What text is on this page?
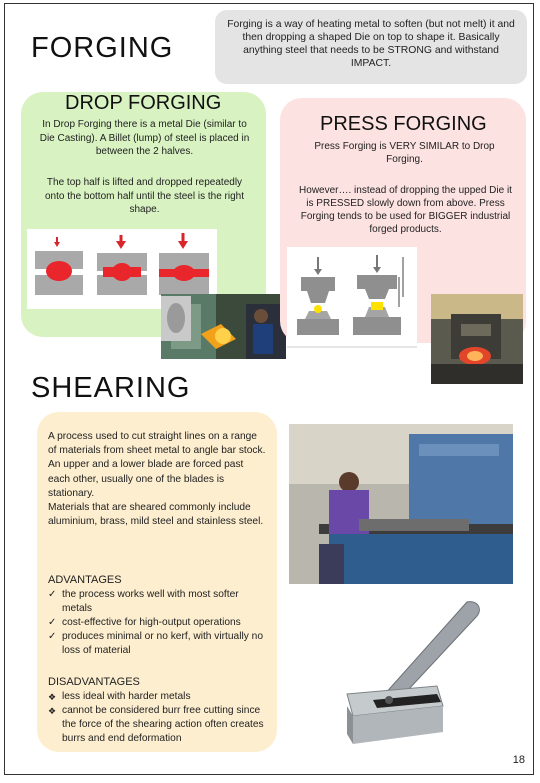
FORGING
Forging is a way of heating metal to soften (but not melt) it and then dropping a shaped Die on top to shape it. Basically anything steel that needs to be STRONG and withstand IMPACT.
DROP FORGING
In Drop Forging there is a metal Die (similar to Die Casting). A Billet (lump) of steel is placed in between the 2 halves.
The top half is lifted and dropped repeatedly onto the bottom half until the steel is the right shape.
PRESS FORGING
Press Forging is VERY SIMILAR to Drop Forging.
However…. instead of dropping the upped Die it is PRESSED slowly down from above. Press Forging tends to be used for BIGGER industrial forged products.
SHEARING
A process used to cut straight lines on a range of materials from sheet metal to angle bar stock.
An upper and a lower blade are forced past each other, usually one of the blades is stationary.
Materials that are sheared commonly include aluminium, brass, mild steel and stainless steel.
ADVANTAGES
✓ the process works well with most softer metals
✓ cost-effective for high-output operations
✓ produces minimal or no kerf, with virtually no loss of material
DISADVANTAGES
❖ less ideal with harder metals
❖ cannot be considered burr free cutting since the force of the shearing action often creates burrs and end deformation
18
